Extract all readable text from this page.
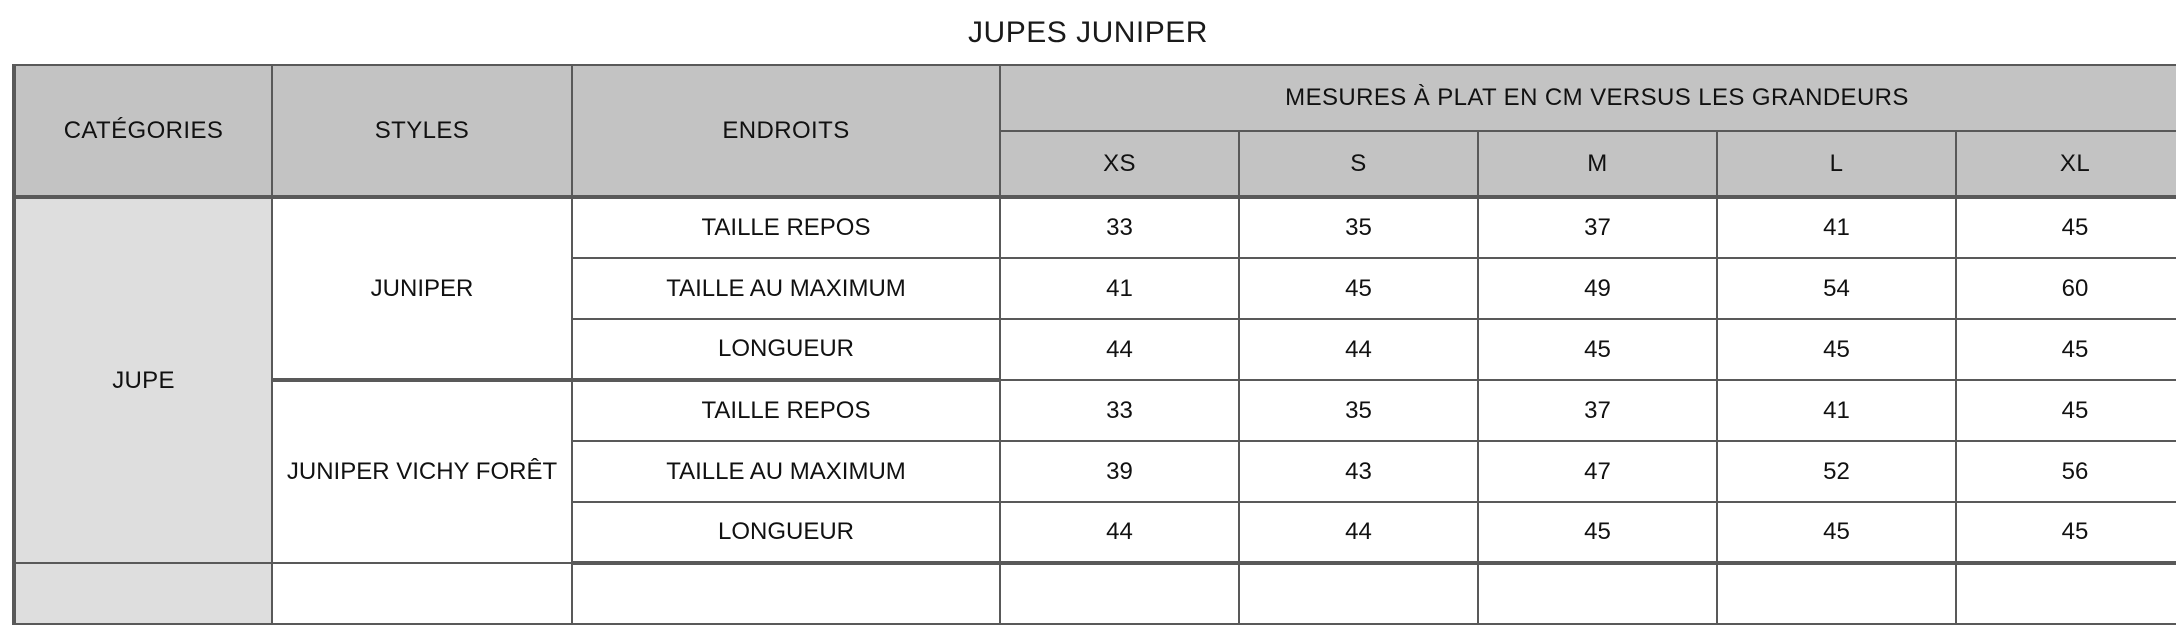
JUPES JUNIPER
CATÉGORIES	STYLES	ENDROITS	MESURES À PLAT EN CM VERSUS LES GRANDEURS				
			XS	S	M	L	XL
JUPE	JUNIPER	TAILLE REPOS	33	35	37	41	45
		TAILLE AU MAXIMUM	41	45	49	54	60
		LONGUEUR	44	44	45	45	45
	JUNIPER VICHY FORÊT	TAILLE REPOS	33	35	37	41	45
		TAILLE AU MAXIMUM	39	43	47	52	56
		LONGUEUR	44	44	45	45	45
